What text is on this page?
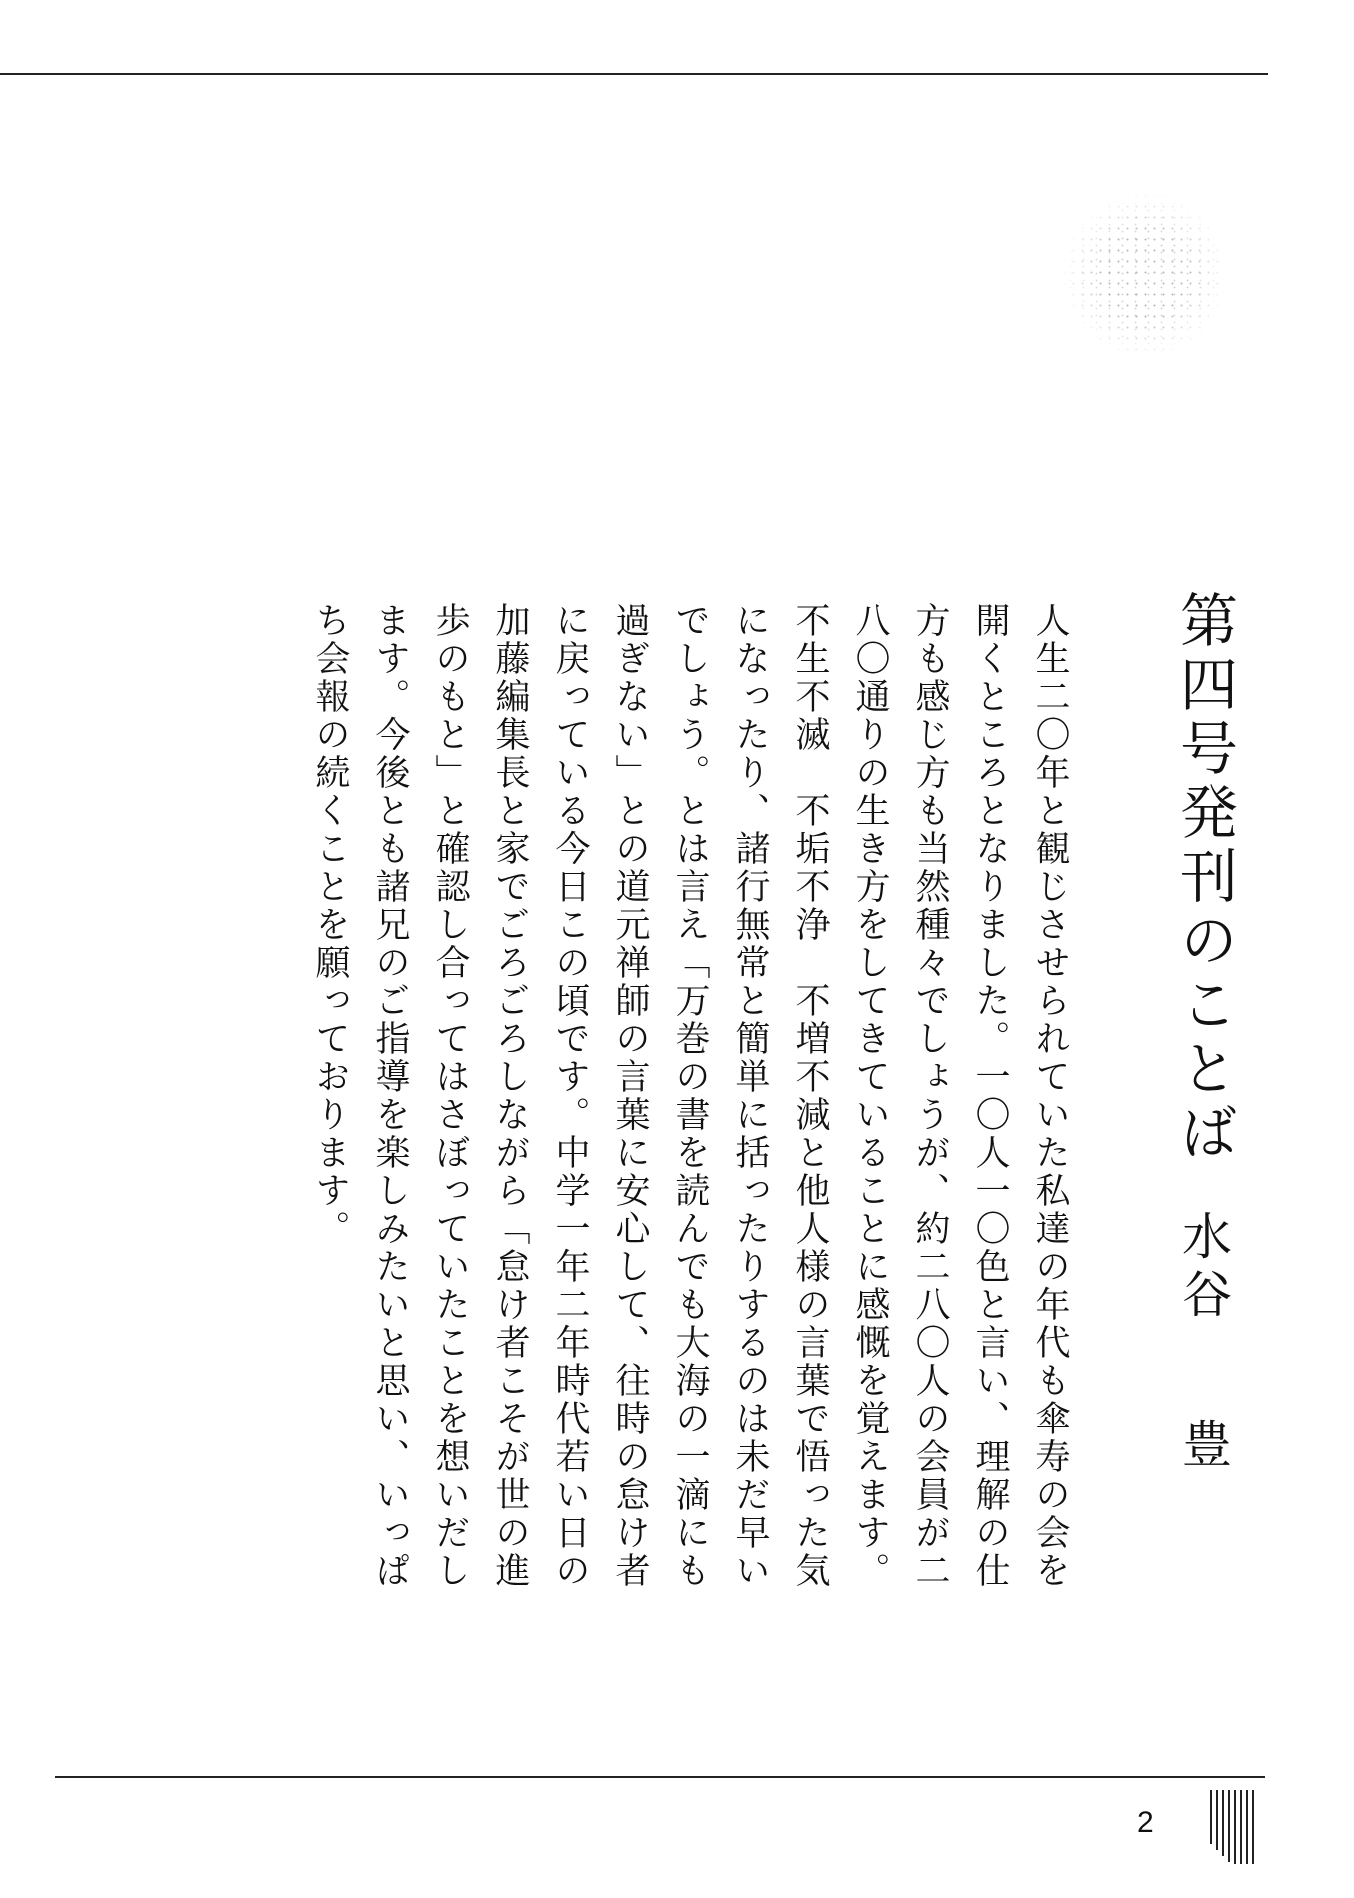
第四号発刊のことば
水谷豊

人生二〇年と観じさせられていた私達の年代も傘寿の会を開くところとなりました。一〇人一〇色と言い、理解の仕方も感じ方も当然種々でしょうが、約二八〇人の会員が二八〇通りの生き方をしてきていることに感慨を覚えます。

不生不滅　不垢不浄　不増不減と他人様の言葉で悟った気になったり、諸行無常と簡単に括ったりするのは未だ早いでしょう。とは言え「万巻の書を読んでも大海の一滴にも過ぎない」との道元禅師の言葉に安心して、往時の怠け者に戻っている今日この頃です。中学一年二年時代若い日の加藤編集長と家でごろごろしながら「怠け者こそが世の進歩のもと」と確認し合ってはさぼっていたことを想いだします。今後とも諸兄のご指導を楽しみたいと思い、いっぱち会報の続くことを願っております。

2
